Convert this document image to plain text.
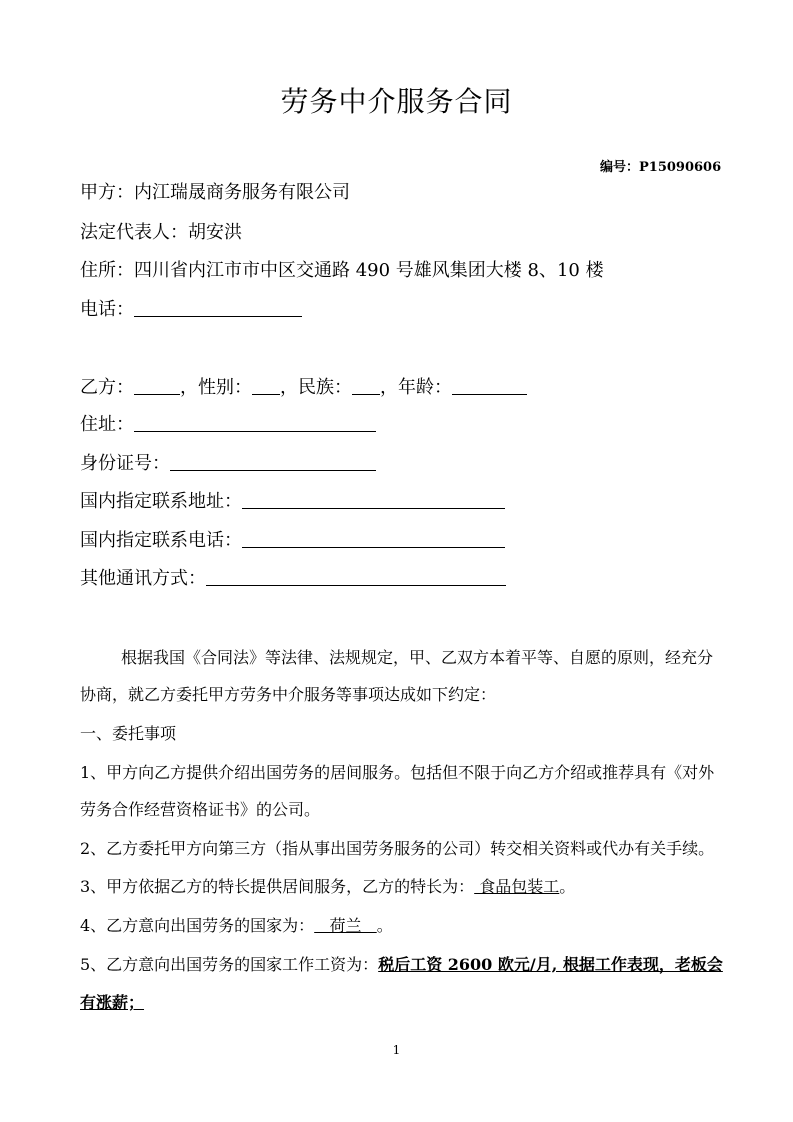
劳务中介服务合同
编号：P15090606
甲方：内江瑞晟商务服务有限公司
法定代表人：胡安洪
住所：四川省内江市市中区交通路 490 号雄风集团大楼 8、10 楼
电话：
乙方：	，性别： ，民族： ，年龄：
住址：
身份证号：
国内指定联系地址：
国内指定联系电话：
其他通讯方式：
根据我国《合同法》等法律、法规规定，甲、乙双方本着平等、自愿的原则，经充分
协商，就乙方委托甲方劳务中介服务等事项达成如下约定：
一、委托事项
1、甲方向乙方提供介绍出国劳务的居间服务。包括但不限于向乙方介绍或推荐具有《对外
劳务合作经营资格证书》的公司。
2、乙方委托甲方向第三方（指从事出国劳务服务的公司）转交相关资料或代办有关手续。
3、甲方依据乙方的特长提供居间服务，乙方的特长为： 食品包装工。
4、乙方意向出国劳务的国家为：   荷兰   。
5、乙方意向出国劳务的国家工作工资为：税后工资 2600 欧元/月, 根据工作表现，老板会
有涨薪；
1
